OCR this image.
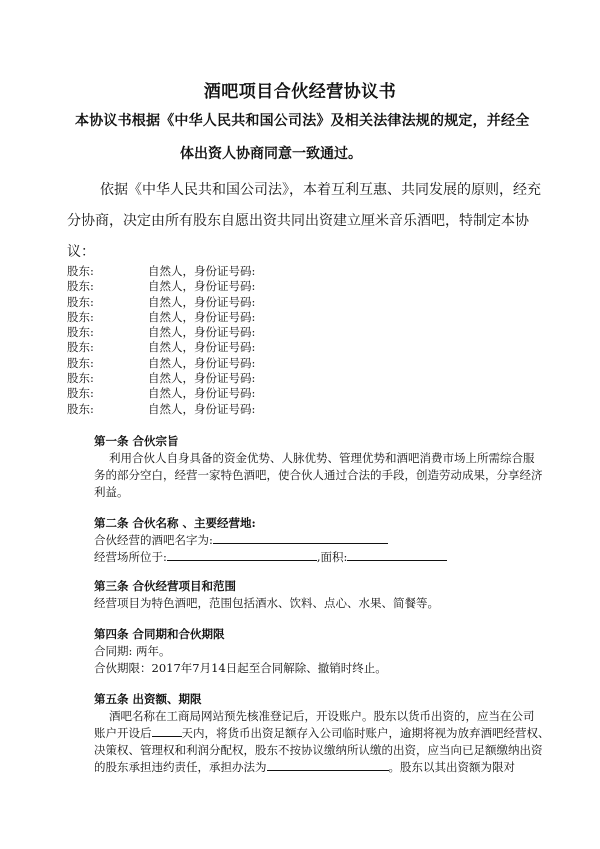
酒吧项目合伙经营协议书
本协议书根据《中华人民共和国公司法》及相关法律法规的规定，并经全
体出资人协商同意一致通过。
依据《中华人民共和国公司法》，本着互利互惠、共同发展的原则，经充
分协商，决定由所有股东自愿出资共同出资建立厘米音乐酒吧，特制定本协
议：
股东:	自然人，身份证号码:
股东:	自然人，身份证号码:
股东:	自然人，身份证号码:
股东:	自然人，身份证号码:
股东:	自然人，身份证号码:
股东:	自然人，身份证号码:
股东:	自然人，身份证号码:
股东:	自然人，身份证号码:
股东:	自然人，身份证号码:
股东:	自然人，身份证号码:
第一条 合伙宗旨
利用合伙人自身具备的资金优势、人脉优势、管理优势和酒吧消费市场上所需综合服
务的部分空白，经营一家特色酒吧，使合伙人通过合法的手段，创造劳动成果，分享经济
利益。
第二条 合伙名称 、主要经营地:
合伙经营的酒吧名字为:
经营场所位于:	,面积:
第三条 合伙经营项目和范围
经营项目为特色酒吧，范围包括酒水、饮料、点心、水果、简餐等。
第四条 合同期和合伙期限
合同期: 两年。
合伙期限：2017年7月14日起至合同解除、撤销时终止。
第五条 出资额、期限
酒吧名称在工商局网站预先核准登记后，开设账户。股东以货币出资的，应当在公司
账户开设后	天内，将货币出资足额存入公司临时账户，逾期将视为放弃酒吧经营权、
决策权、管理权和利润分配权，股东不按协议缴纳所认缴的出资，应当向已足额缴纳出资
的股东承担违约责任，承担办法为	。股东以其出资额为限对
